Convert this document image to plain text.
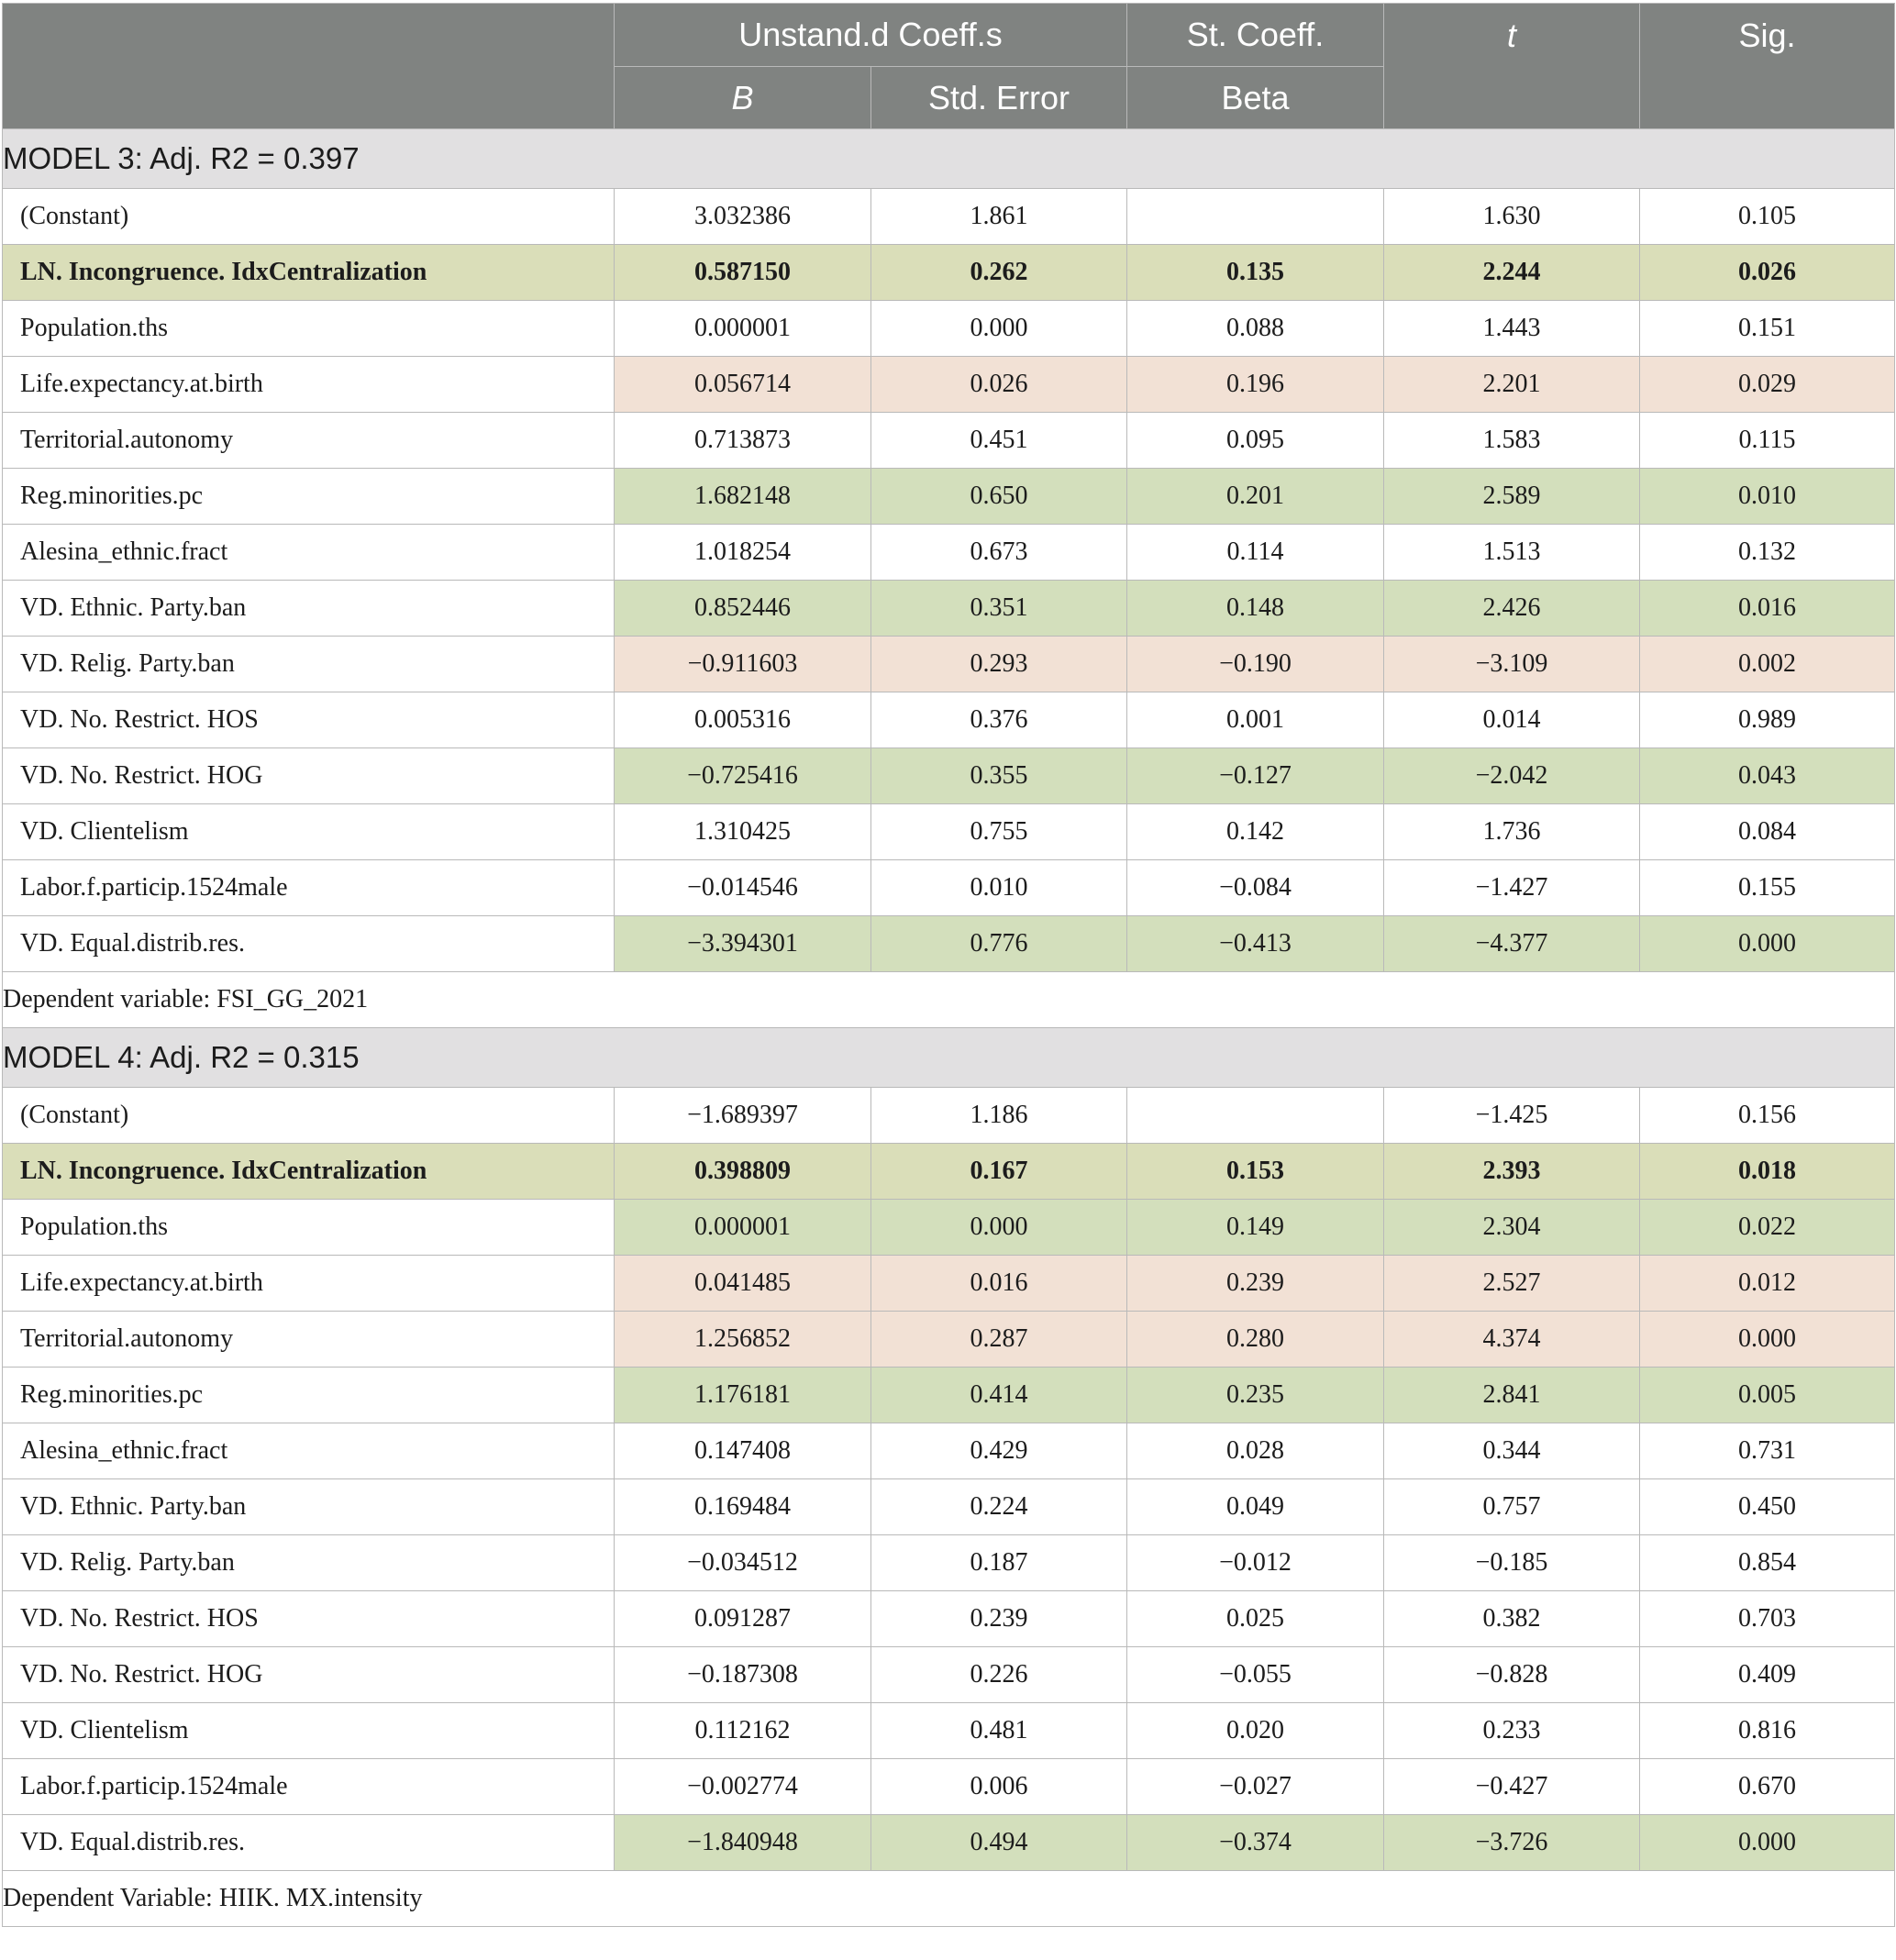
	Unstand.d Coeff.s		St. Coeff.	t	Sig.
	B	Std. Error	Beta		
MODEL 3: Adj. R2 = 0.397					
(Constant)	3.032386	1.861		1.630	0.105
LN. Incongruence. IdxCentralization	0.587150	0.262	0.135	2.244	0.026
Population.ths	0.000001	0.000	0.088	1.443	0.151
Life.expectancy.at.birth	0.056714	0.026	0.196	2.201	0.029
Territorial.autonomy	0.713873	0.451	0.095	1.583	0.115
Reg.minorities.pc	1.682148	0.650	0.201	2.589	0.010
Alesina_ethnic.fract	1.018254	0.673	0.114	1.513	0.132
VD. Ethnic. Party.ban	0.852446	0.351	0.148	2.426	0.016
VD. Relig. Party.ban	−0.911603	0.293	−0.190	−3.109	0.002
VD. No. Restrict. HOS	0.005316	0.376	0.001	0.014	0.989
VD. No. Restrict. HOG	−0.725416	0.355	−0.127	−2.042	0.043
VD. Clientelism	1.310425	0.755	0.142	1.736	0.084
Labor.f.particip.1524male	−0.014546	0.010	−0.084	−1.427	0.155
VD. Equal.distrib.res.	−3.394301	0.776	−0.413	−4.377	0.000
Dependent variable: FSI_GG_2021					
MODEL 4: Adj. R2 = 0.315					
(Constant)	−1.689397	1.186		−1.425	0.156
LN. Incongruence. IdxCentralization	0.398809	0.167	0.153	2.393	0.018
Population.ths	0.000001	0.000	0.149	2.304	0.022
Life.expectancy.at.birth	0.041485	0.016	0.239	2.527	0.012
Territorial.autonomy	1.256852	0.287	0.280	4.374	0.000
Reg.minorities.pc	1.176181	0.414	0.235	2.841	0.005
Alesina_ethnic.fract	0.147408	0.429	0.028	0.344	0.731
VD. Ethnic. Party.ban	0.169484	0.224	0.049	0.757	0.450
VD. Relig. Party.ban	−0.034512	0.187	−0.012	−0.185	0.854
VD. No. Restrict. HOS	0.091287	0.239	0.025	0.382	0.703
VD. No. Restrict. HOG	−0.187308	0.226	−0.055	−0.828	0.409
VD. Clientelism	0.112162	0.481	0.020	0.233	0.816
Labor.f.particip.1524male	−0.002774	0.006	−0.027	−0.427	0.670
VD. Equal.distrib.res.	−1.840948	0.494	−0.374	−3.726	0.000
Dependent Variable: HIIK. MX.intensity					
